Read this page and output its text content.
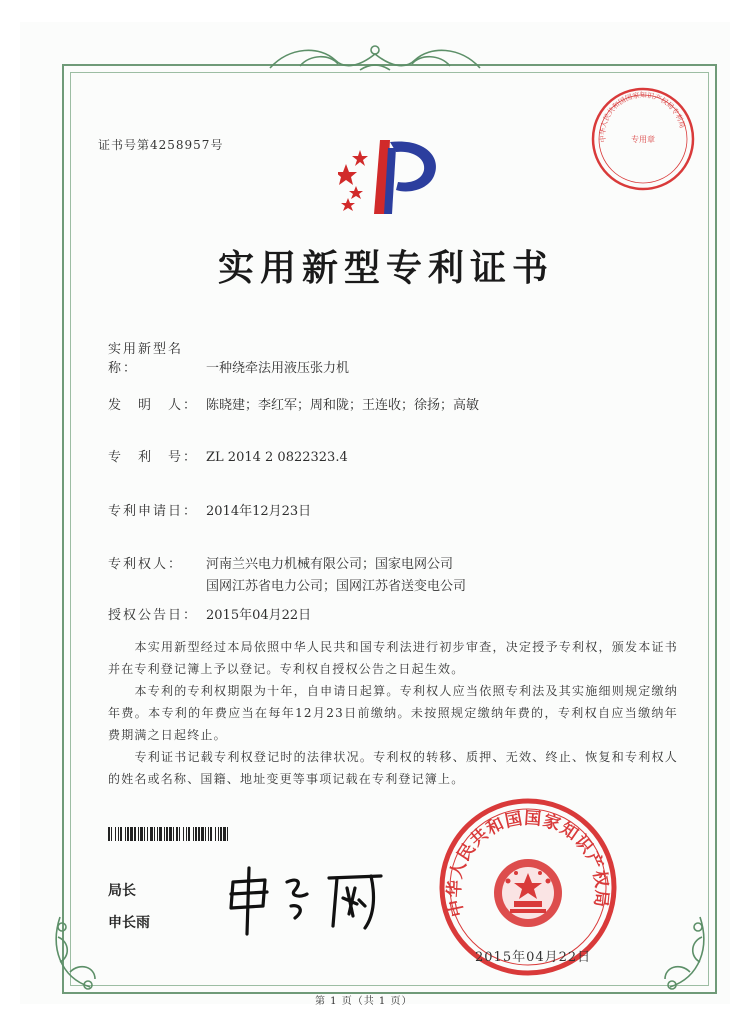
证书号第4258957号	中华人民共和国国家知识产权局专利局
专用章
实用新型专利证书
实用新型名称：	一种绕牵法用液压张力机
发　明　人： 陈晓建；李红军；周和陇；王连收；徐扬；高敏
专　利　号： ZL 2014 2 0822323.4
专利申请日： 2014年12月23日
专利权人： 河南兰兴电力机械有限公司；国家电网公司
国网江苏省电力公司；国网江苏省送变电公司
授权公告日： 2015年04月22日
　　本实用新型经过本局依照中华人民共和国专利法进行初步审查，决定授予专利权，颁发本证书并在专利登记簿上予以登记。专利权自授权公告之日起生效。
　　本专利的专利权期限为十年，自申请日起算。专利权人应当依照专利法及其实施细则规定缴纳年费。本专利的年费应当在每年12月23日前缴纳。未按照规定缴纳年费的，专利权自应当缴纳年费期满之日起终止。
　　专利证书记载专利权登记时的法律状况。专利权的转移、质押、无效、终止、恢复和专利权人的姓名或名称、国籍、地址变更等事项记载在专利登记簿上。
局长
申长雨
中华人民共和国国家知识产权局
2015年04月22日
第 1 页（共 1 页）
